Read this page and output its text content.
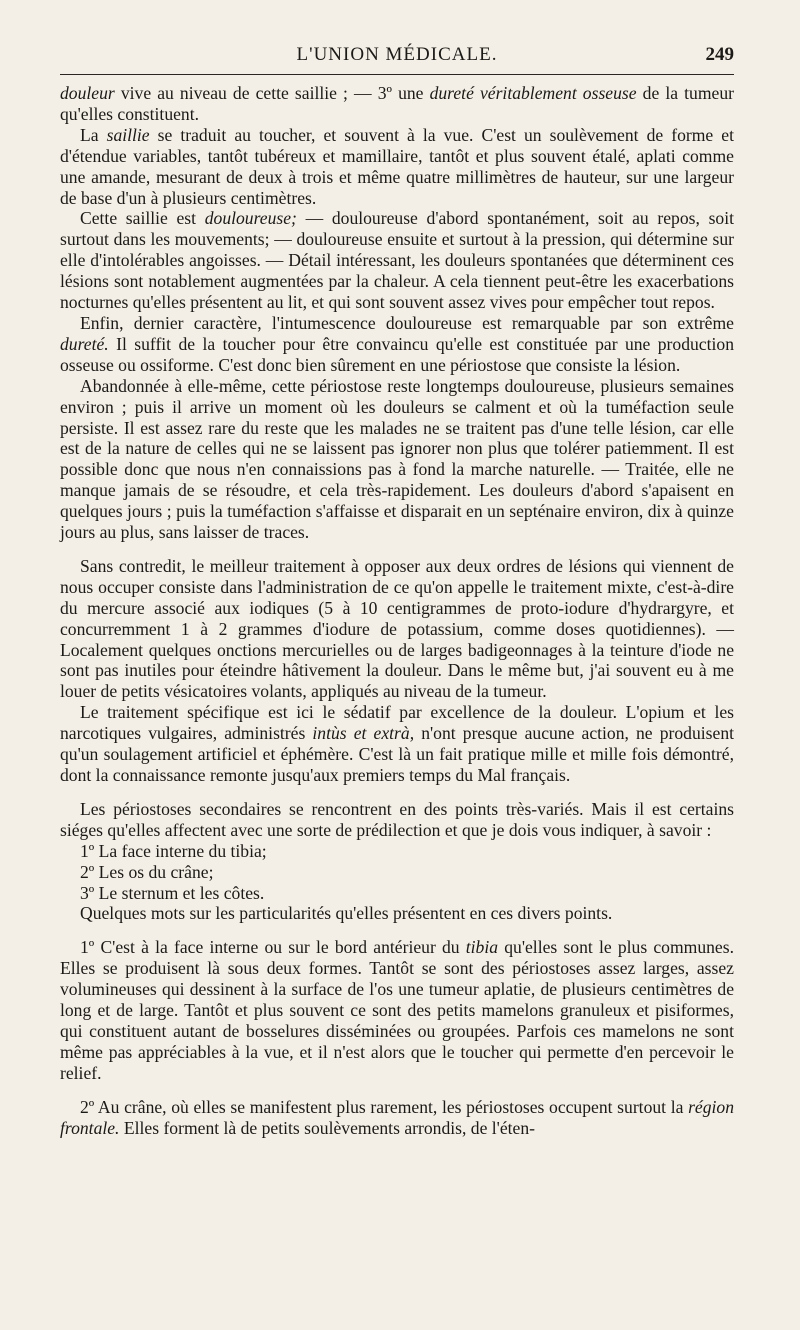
L'UNION MÉDICALE.	249

douleur vive au niveau de cette saillie ; — 3º une dureté véritablement osseuse de la tumeur qu'elles constituent.

La saillie se traduit au toucher, et souvent à la vue. C'est un soulèvement de forme et d'étendue variables, tantôt tubéreux et mamillaire, tantôt et plus souvent étalé, aplati comme une amande, mesurant de deux à trois et même quatre millimètres de hauteur, sur une largeur de base d'un à plusieurs centimètres.

Cette saillie est douloureuse; — douloureuse d'abord spontanément, soit au repos, soit surtout dans les mouvements; — douloureuse ensuite et surtout à la pression, qui détermine sur elle d'intolérables angoisses. — Détail intéressant, les douleurs spontanées que déterminent ces lésions sont notablement augmentées par la chaleur. A cela tiennent peut-être les exacerbations nocturnes qu'elles présentent au lit, et qui sont souvent assez vives pour empêcher tout repos.

Enfin, dernier caractère, l'intumescence douloureuse est remarquable par son extrême dureté. Il suffit de la toucher pour être convaincu qu'elle est constituée par une production osseuse ou ossiforme. C'est donc bien sûrement en une périostose que consiste la lésion.

Abandonnée à elle-même, cette périostose reste longtemps douloureuse, plusieurs semaines environ ; puis il arrive un moment où les douleurs se calment et où la tuméfaction seule persiste. Il est assez rare du reste que les malades ne se traitent pas d'une telle lésion, car elle est de la nature de celles qui ne se laissent pas ignorer non plus que tolérer patiemment. Il est possible donc que nous n'en connaissions pas à fond la marche naturelle. — Traitée, elle ne manque jamais de se résoudre, et cela très-rapidement. Les douleurs d'abord s'apaisent en quelques jours ; puis la tuméfaction s'affaisse et disparait en un septénaire environ, dix à quinze jours au plus, sans laisser de traces.

Sans contredit, le meilleur traitement à opposer aux deux ordres de lésions qui viennent de nous occuper consiste dans l'administration de ce qu'on appelle le traitement mixte, c'est-à-dire du mercure associé aux iodiques (5 à 10 centigrammes de proto-iodure d'hydrargyre, et concurremment 1 à 2 grammes d'iodure de potassium, comme doses quotidiennes). — Localement quelques onctions mercurielles ou de larges badigeonnages à la teinture d'iode ne sont pas inutiles pour éteindre hâtivement la douleur. Dans le même but, j'ai souvent eu à me louer de petits vésicatoires volants, appliqués au niveau de la tumeur.

Le traitement spécifique est ici le sédatif par excellence de la douleur. L'opium et les narcotiques vulgaires, administrés intùs et extrà, n'ont presque aucune action, ne produisent qu'un soulagement artificiel et éphémère. C'est là un fait pratique mille et mille fois démontré, dont la connaissance remonte jusqu'aux premiers temps du Mal français.

Les périostoses secondaires se rencontrent en des points très-variés. Mais il est certains siéges qu'elles affectent avec une sorte de prédilection et que je dois vous indiquer, à savoir :

1º La face interne du tibia;

2º Les os du crâne;

3º Le sternum et les côtes.

Quelques mots sur les particularités qu'elles présentent en ces divers points.

1º C'est à la face interne ou sur le bord antérieur du tibia qu'elles sont le plus communes. Elles se produisent là sous deux formes. Tantôt se sont des périostoses assez larges, assez volumineuses qui dessinent à la surface de l'os une tumeur aplatie, de plusieurs centimètres de long et de large. Tantôt et plus souvent ce sont des petits mamelons granuleux et pisiformes, qui constituent autant de bosselures disséminées ou groupées. Parfois ces mamelons ne sont même pas appréciables à la vue, et il n'est alors que le toucher qui permette d'en percevoir le relief.

2º Au crâne, où elles se manifestent plus rarement, les périostoses occupent surtout la région frontale. Elles forment là de petits soulèvements arrondis, de l'éten-
